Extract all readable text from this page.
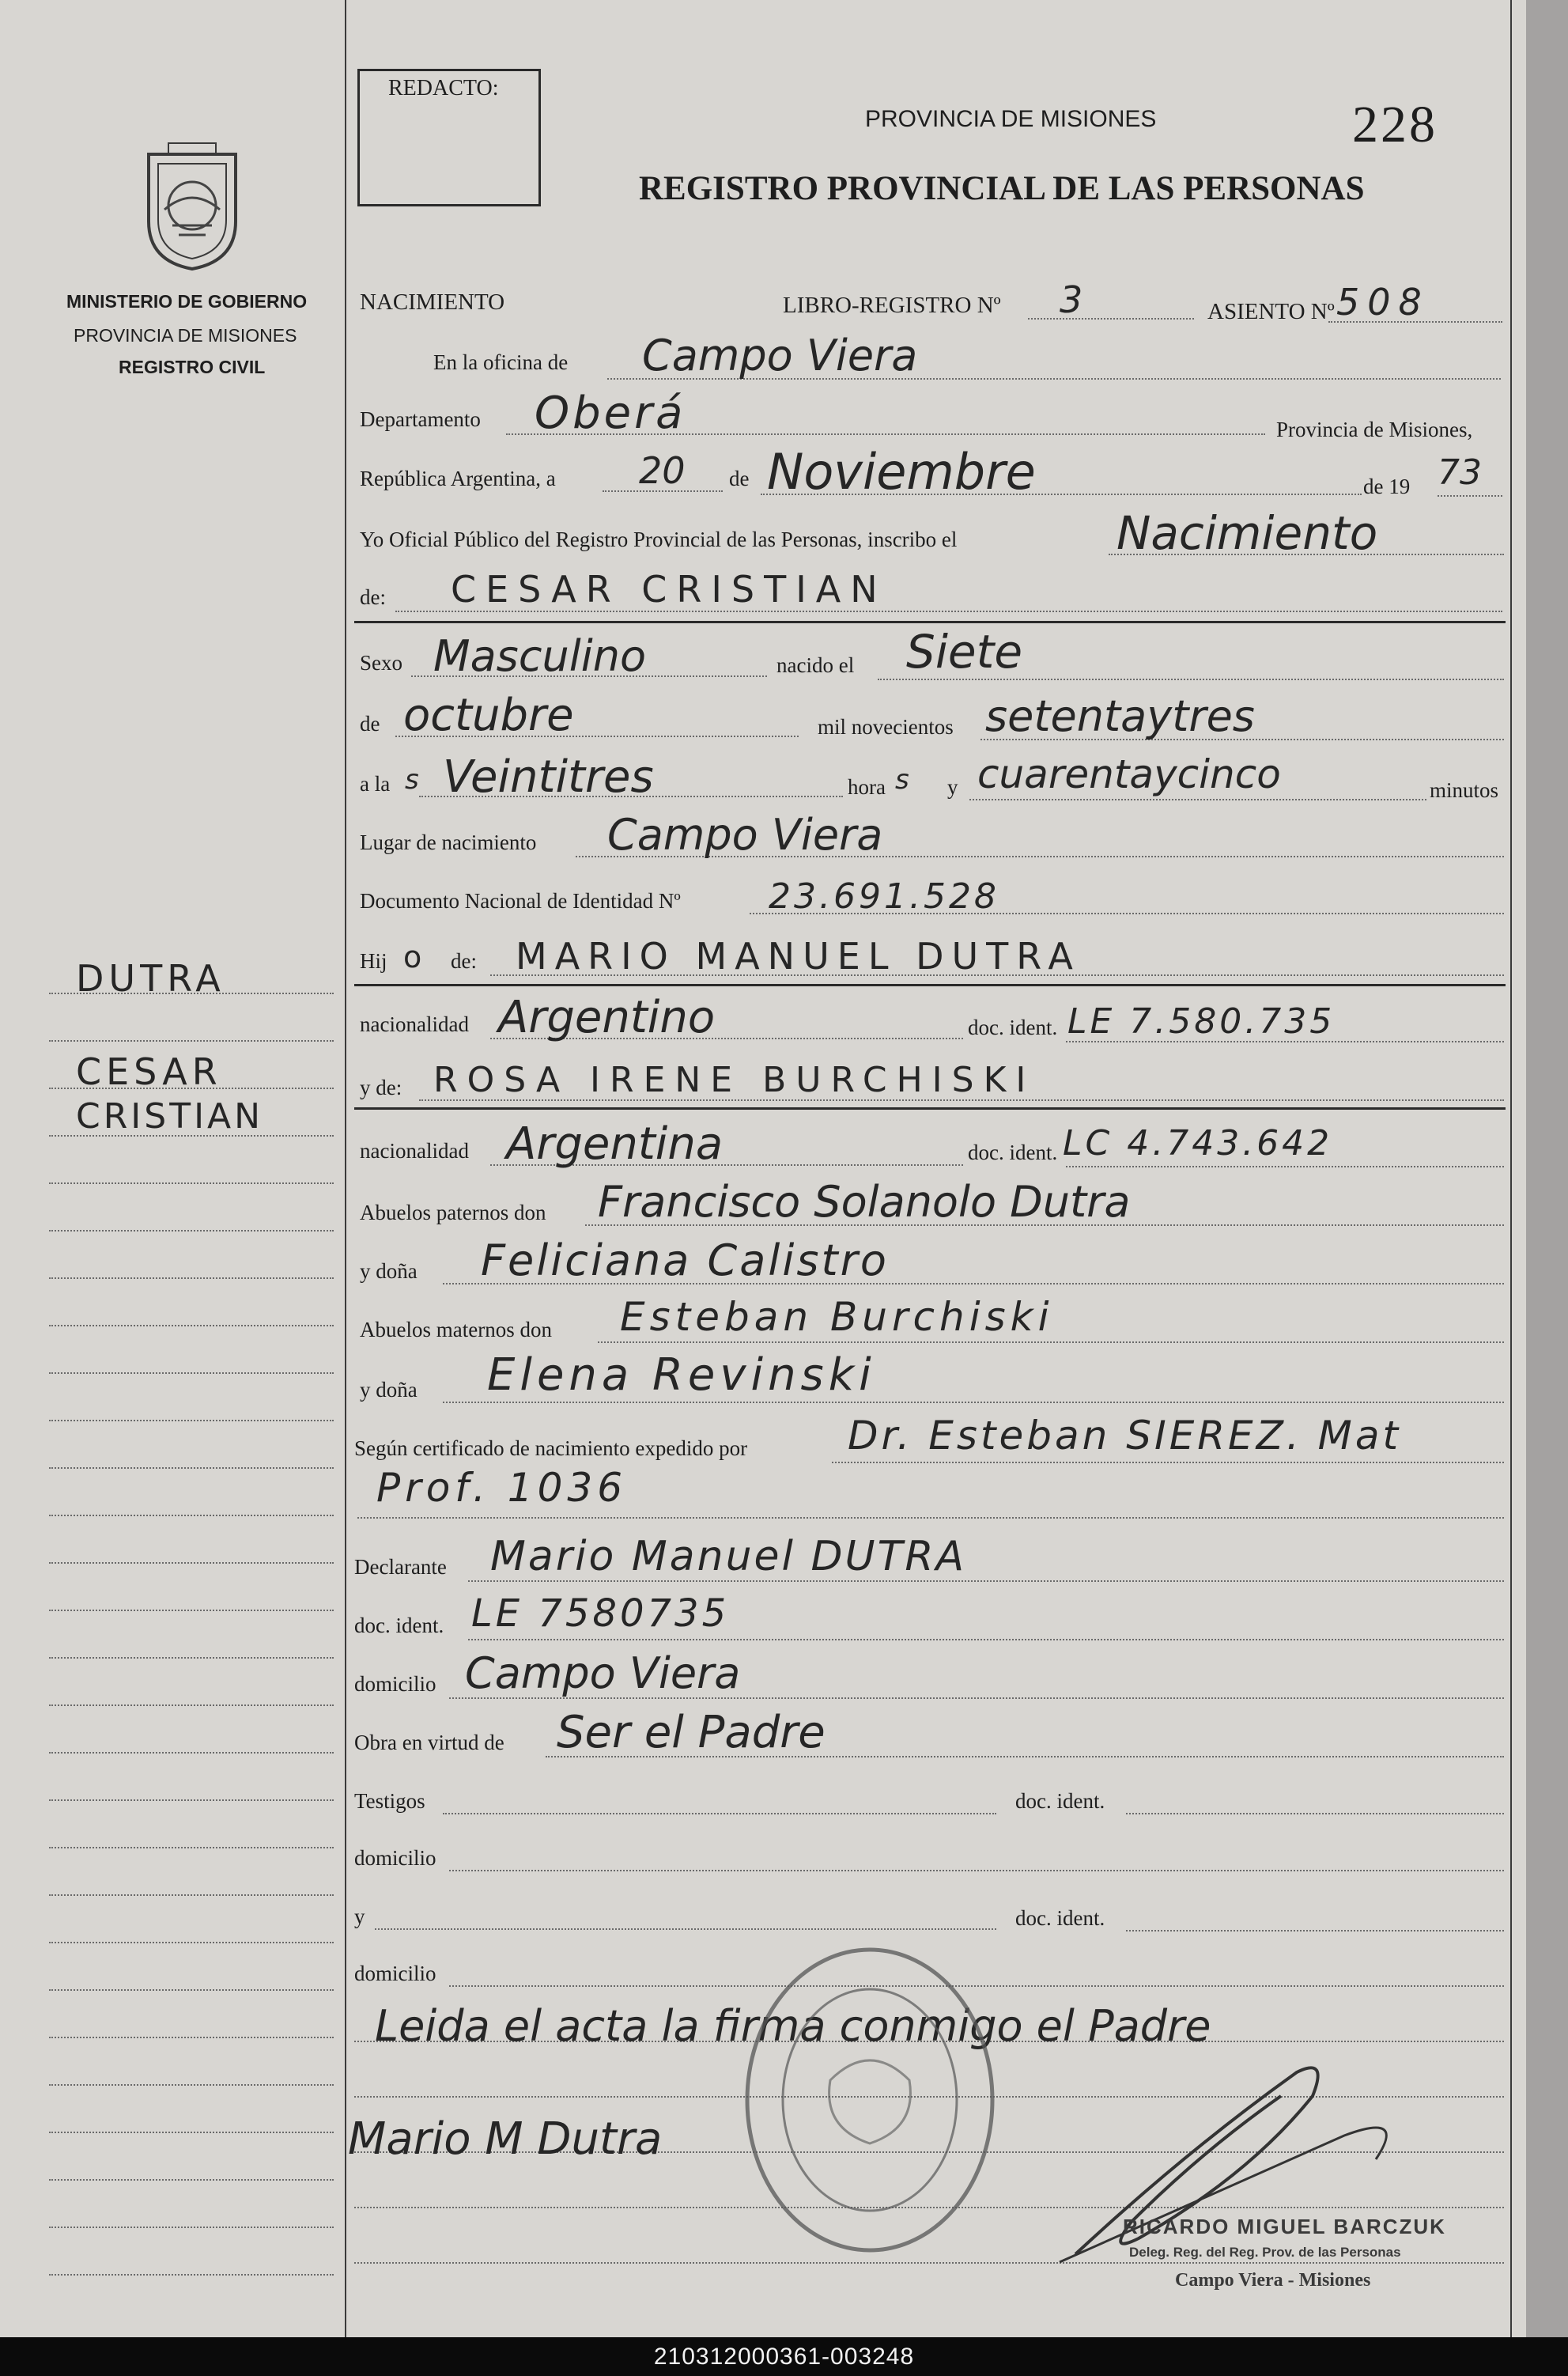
REDACTO:
PROVINCIA DE MISIONES
REGISTRO PROVINCIAL DE LAS PERSONAS
228
MINISTERIO DE GOBIERNO
PROVINCIA DE MISIONES
REGISTRO CIVIL
DUTRA
CESAR
CRISTIAN
NACIMIENTO	LIBRO-REGISTRO Nº 3	ASIENTO Nº 508
En la oficina de Campo Viera
Departamento Oberá	Provincia de Misiones,
República Argentina, a 20 de Noviembre	de 19 73
Yo Oficial Público del Registro Provincial de las Personas, inscribo el	Nacimiento
de: CESAR CRISTIAN
Sexo Masculino	nacido el Siete
de octubre	mil novecientos setentaytres
a la s Veintitres	hora s y cuarentaycinco	minutos
Lugar de nacimiento Campo Viera
Documento Nacional de Identidad Nº	23.691.528
Hij o de: MARIO MANUEL DUTRA
nacionalidad Argentino	doc. ident. LE 7.580.735
y de: ROSA IRENE BURCHISKI
nacionalidad Argentina	doc. ident. LC 4.743.642
Abuelos paternos don Francisco Solanolo Dutra
y doña Feliciana Calistro
Abuelos maternos don Esteban Burchiski
y doña Elena Revinski
Según certificado de nacimiento expedido por	Dr. Esteban SIEREZ. Mat
Prof. 1036
Declarante Mario Manuel DUTRA
doc. ident. LE 7580735
domicilio Campo Viera
Obra en virtud de Ser el Padre
Testigos	doc. ident.
domicilio
y	doc. ident.
domicilio
Leida el acta la firma conmigo el Padre
Mario M Dutra
RICARDO MIGUEL BARCZUK
Deleg. Reg. del Reg. Prov. de las Personas
Campo Viera - Misiones
210312000361-003248
